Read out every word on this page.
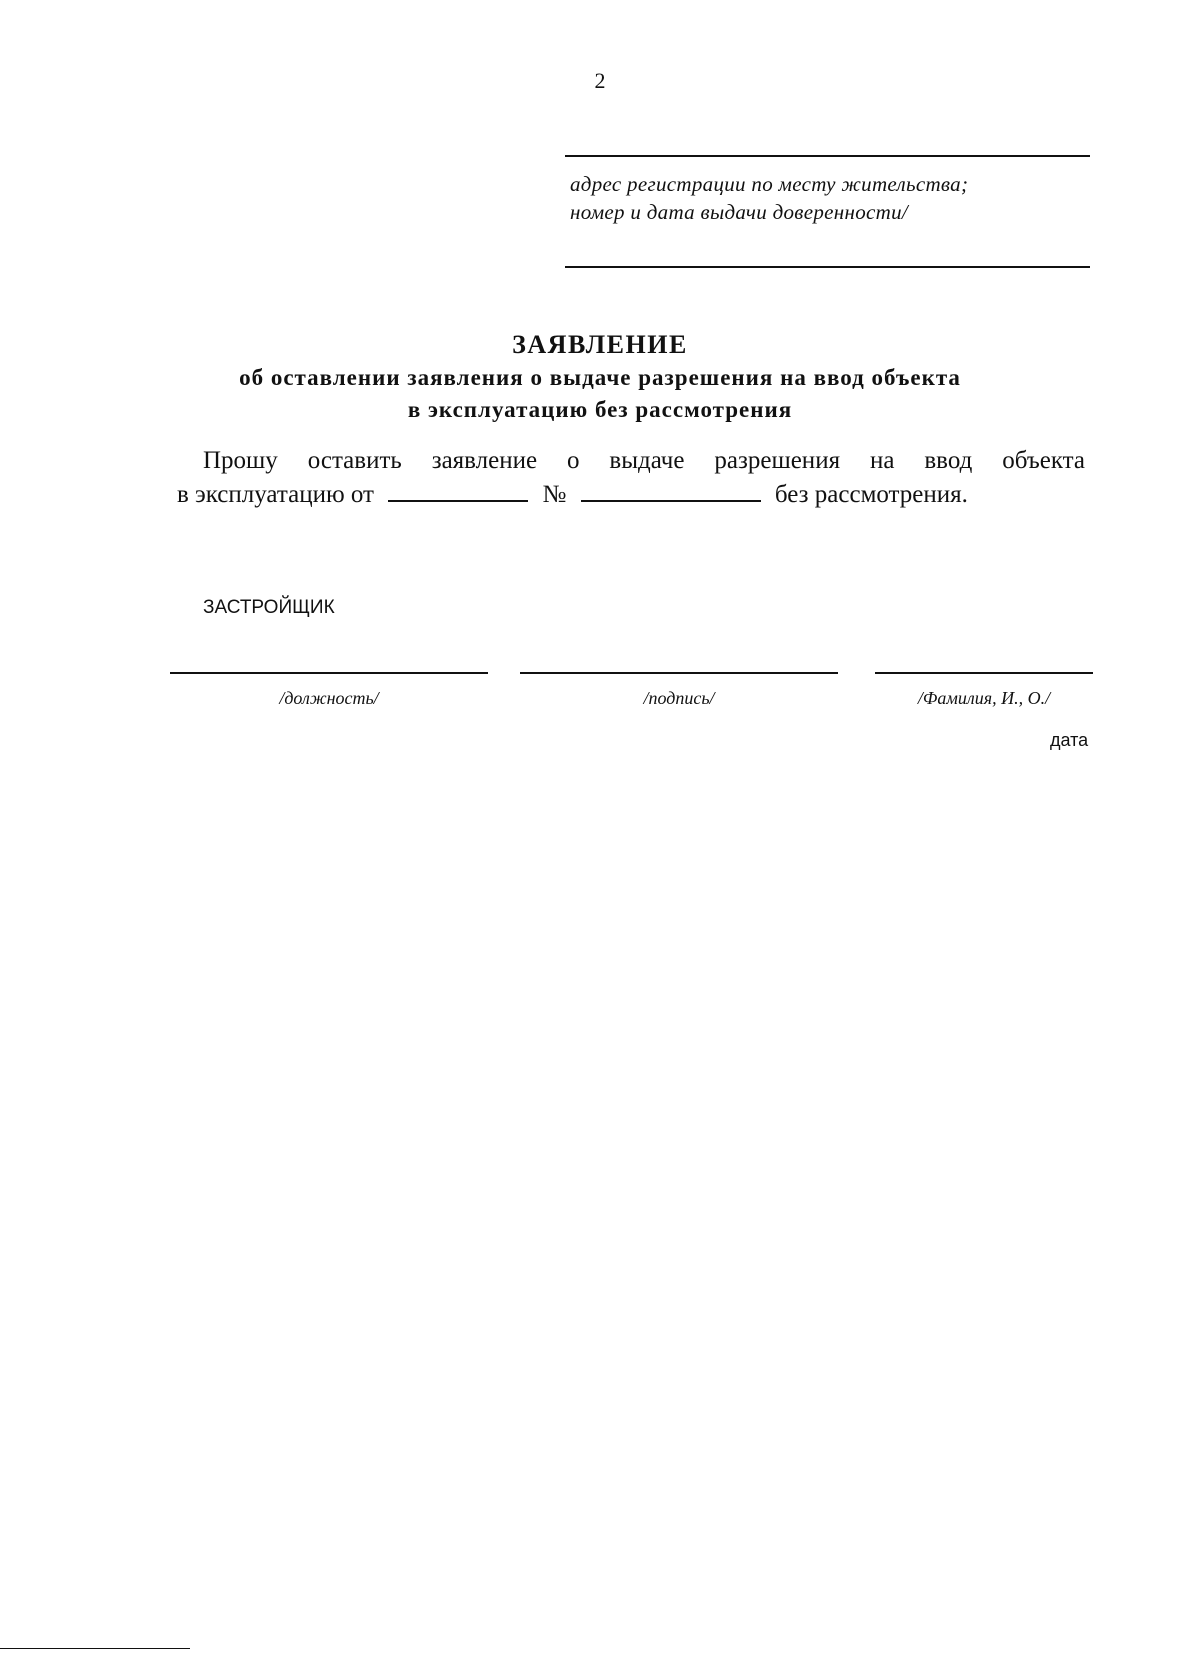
2
адрес регистрации по месту жительства;
номер и дата выдачи доверенности/
ЗАЯВЛЕНИЕ
об оставлении заявления о выдаче разрешения на ввод объекта
в эксплуатацию без рассмотрения
Прошу оставить заявление о выдаче разрешения на ввод объекта
в эксплуатацию от	№	без рассмотрения.
ЗАСТРОЙЩИК
/должность/	/подпись/	/Фамилия, И., О./
дата
